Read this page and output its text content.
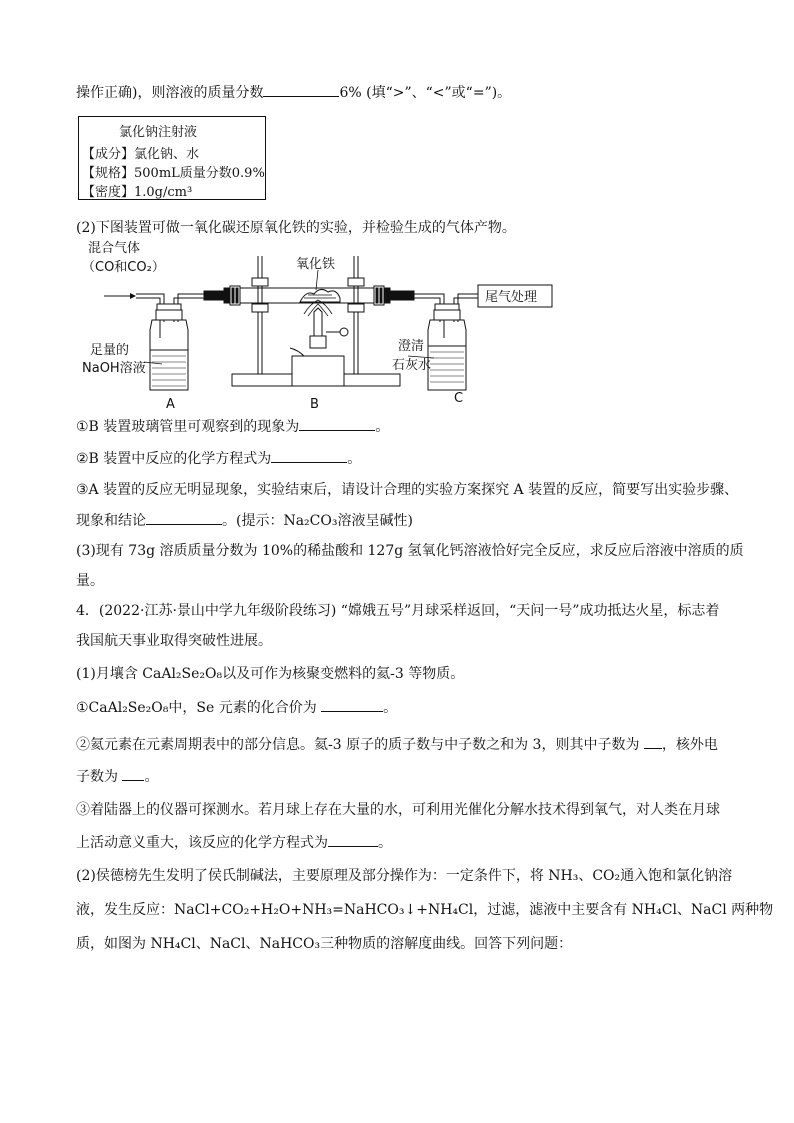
操作正确)，则溶液的质量分数	6% (填“>”、“<”或“=”)。
氯化钠注射液
【成分】氯化钠、水
【规格】500mL质量分数0.9%
【密度】1.0g/cm³
(2)下图装置可做一氧化碳还原氧化铁的实验，并检验生成的气体产物。
混合气体
（CO和CO₂）	氧化铁
尾气处理
足量的
NaOH溶液
澄清
石灰水
A	B	C
①B 装置玻璃管里可观察到的现象为	。
②B 装置中反应的化学方程式为	。
③A 装置的反应无明显现象，实验结束后，请设计合理的实验方案探究 A 装置的反应，简要写出实验步骤、
现象和结论	。(提示：Na₂CO₃溶液呈碱性)
(3)现有 73g 溶质质量分数为 10%的稀盐酸和 127g 氢氧化钙溶液恰好完全反应，求反应后溶液中溶质的质
量。
4．(2022·江苏·景山中学九年级阶段练习) “嫦娥五号”月球采样返回，“天问一号”成功抵达火星，标志着
我国航天事业取得突破性进展。
(1)月壤含 CaAl₂Se₂O₈以及可作为核聚变燃料的氦-3 等物质。
①CaAl₂Se₂O₈中，Se 元素的化合价为	。
②氦元素在元素周期表中的部分信息。氦-3 原子的质子数与中子数之和为 3，则其中子数为 ，核外电
子数为 。
③着陆器上的仪器可探测水。若月球上存在大量的水，可利用光催化分解水技术得到氧气，对人类在月球
上活动意义重大，该反应的化学方程式为	。
(2)侯德榜先生发明了侯氏制碱法，主要原理及部分操作为：一定条件下，将 NH₃、CO₂通入饱和氯化钠溶
液，发生反应：NaCl+CO₂+H₂O+NH₃=NaHCO₃↓+NH₄Cl，过滤，滤液中主要含有 NH₄Cl、NaCl 两种物
质，如图为 NH₄Cl、NaCl、NaHCO₃三种物质的溶解度曲线。回答下列问题：
